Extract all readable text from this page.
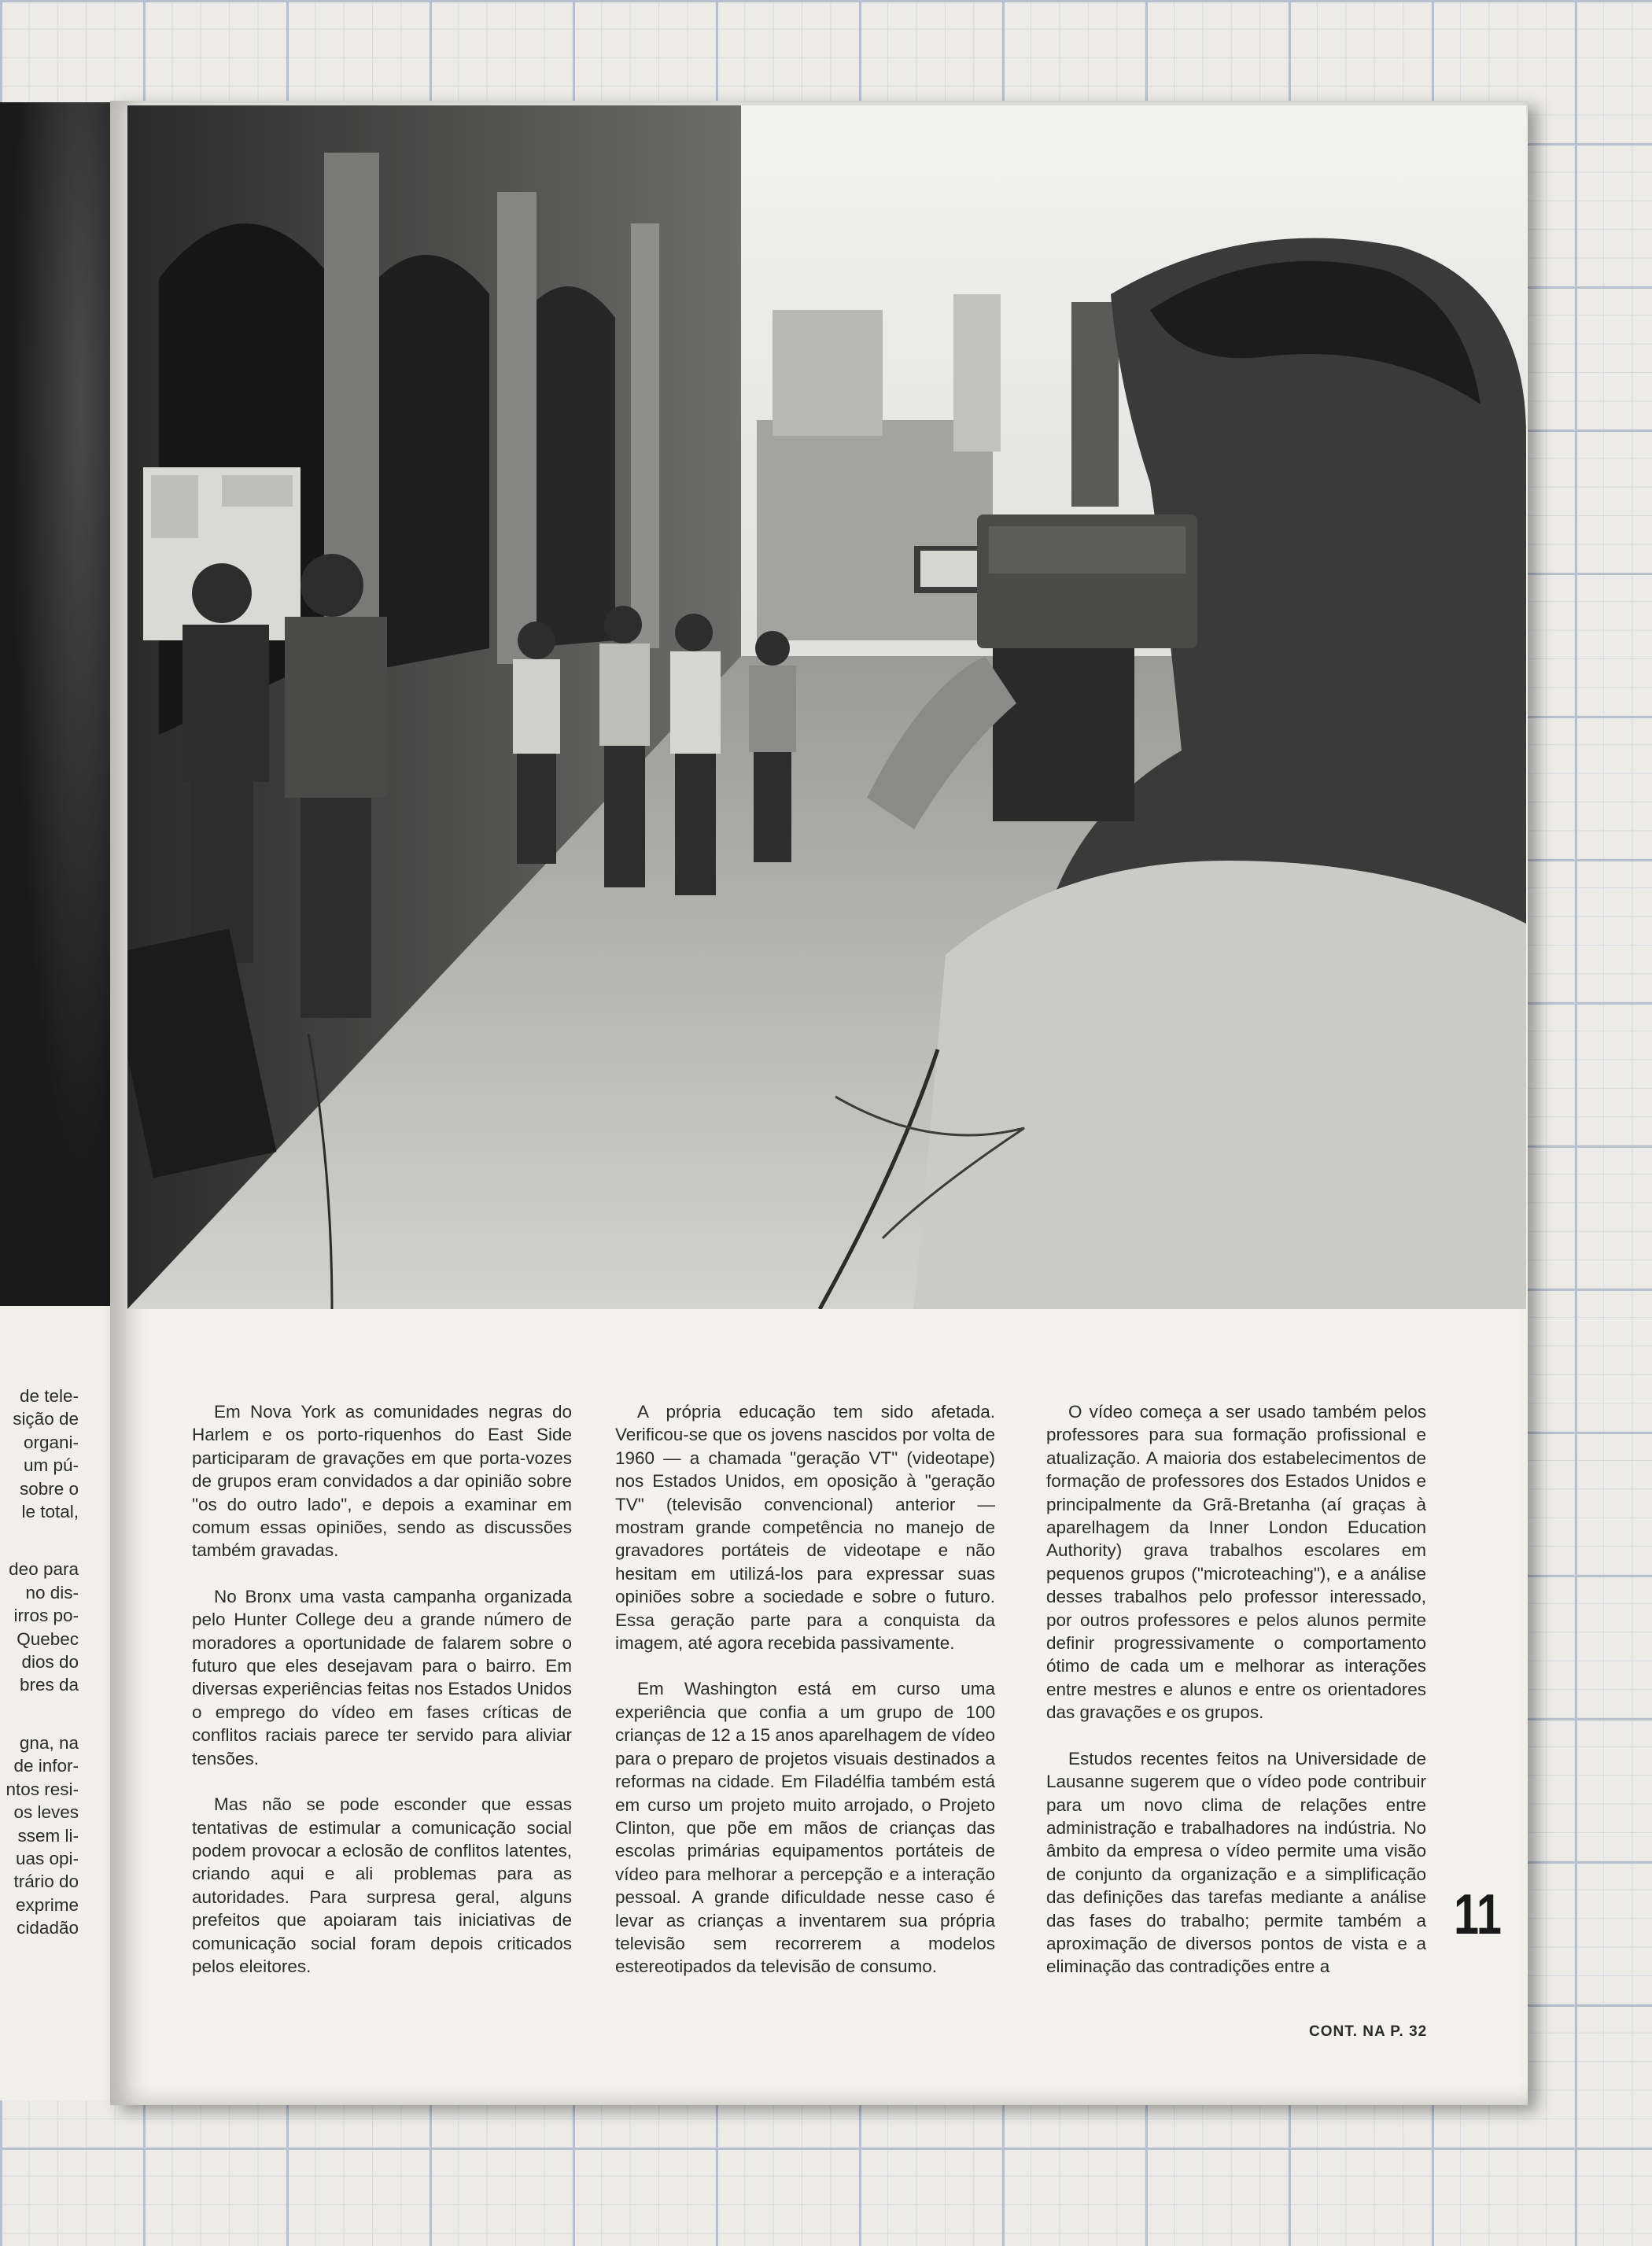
de tele-
sição de
organi-
um pú-
sobre o
le total,
deo para
no dis-
irros po-
Quebec
dios do
bres da
gna, na
de infor-
ntos resi-
os leves
ssem li-
uas opi-
trário do
exprime
cidadão

Em Nova York as comunidades negras do Harlem e os porto-riquenhos do East Side participaram de gravações em que porta-vozes de grupos eram convidados a dar opinião sobre "os do outro lado", e depois a examinar em comum essas opiniões, sendo as discussões também gravadas.

No Bronx uma vasta campanha organizada pelo Hunter College deu a grande número de moradores a oportunidade de falarem sobre o futuro que eles desejavam para o bairro. Em diversas experiências feitas nos Estados Unidos o emprego do vídeo em fases críticas de conflitos raciais parece ter servido para aliviar tensões.

Mas não se pode esconder que essas tentativas de estimular a comunicação social podem provocar a eclosão de conflitos latentes, criando aqui e ali problemas para as autoridades. Para surpresa geral, alguns prefeitos que apoiaram tais iniciativas de comunicação social foram depois criticados pelos eleitores.

A própria educação tem sido afetada. Verificou-se que os jovens nascidos por volta de 1960 — a chamada "geração VT" (videotape) nos Estados Unidos, em oposição à "geração TV" (televisão convencional) anterior — mostram grande competência no manejo de gravadores portáteis de videotape e não hesitam em utilizá-los para expressar suas opiniões sobre a sociedade e sobre o futuro. Essa geração parte para a conquista da imagem, até agora recebida passivamente.

Em Washington está em curso uma experiência que confia a um grupo de 100 crianças de 12 a 15 anos aparelhagem de vídeo para o preparo de projetos visuais destinados a reformas na cidade. Em Filadélfia também está em curso um projeto muito arrojado, o Projeto Clinton, que põe em mãos de crianças das escolas primárias equipamentos portáteis de vídeo para melhorar a percepção e a interação pessoal. A grande dificuldade nesse caso é levar as crianças a inventarem sua própria televisão sem recorrerem a modelos estereotipados da televisão de consumo.

O vídeo começa a ser usado também pelos professores para sua formação profissional e atualização. A maioria dos estabelecimentos de formação de professores dos Estados Unidos e principalmente da Grã-Bretanha (aí graças à aparelhagem da Inner London Education Authority) grava trabalhos escolares em pequenos grupos ("microteaching"), e a análise desses trabalhos pelo professor interessado, por outros professores e pelos alunos permite definir progressivamente o comportamento ótimo de cada um e melhorar as interações entre mestres e alunos e entre os orientadores das gravações e os grupos.

Estudos recentes feitos na Universidade de Lausanne sugerem que o vídeo pode contribuir para um novo clima de relações entre administração e trabalhadores na indústria. No âmbito da empresa o vídeo permite uma visão de conjunto da organização e a simplificação das definições das tarefas mediante a análise das fases do trabalho; permite também a aproximação de diversos pontos de vista e a eliminação das contradições entre a

11
CONT. NA P. 32
